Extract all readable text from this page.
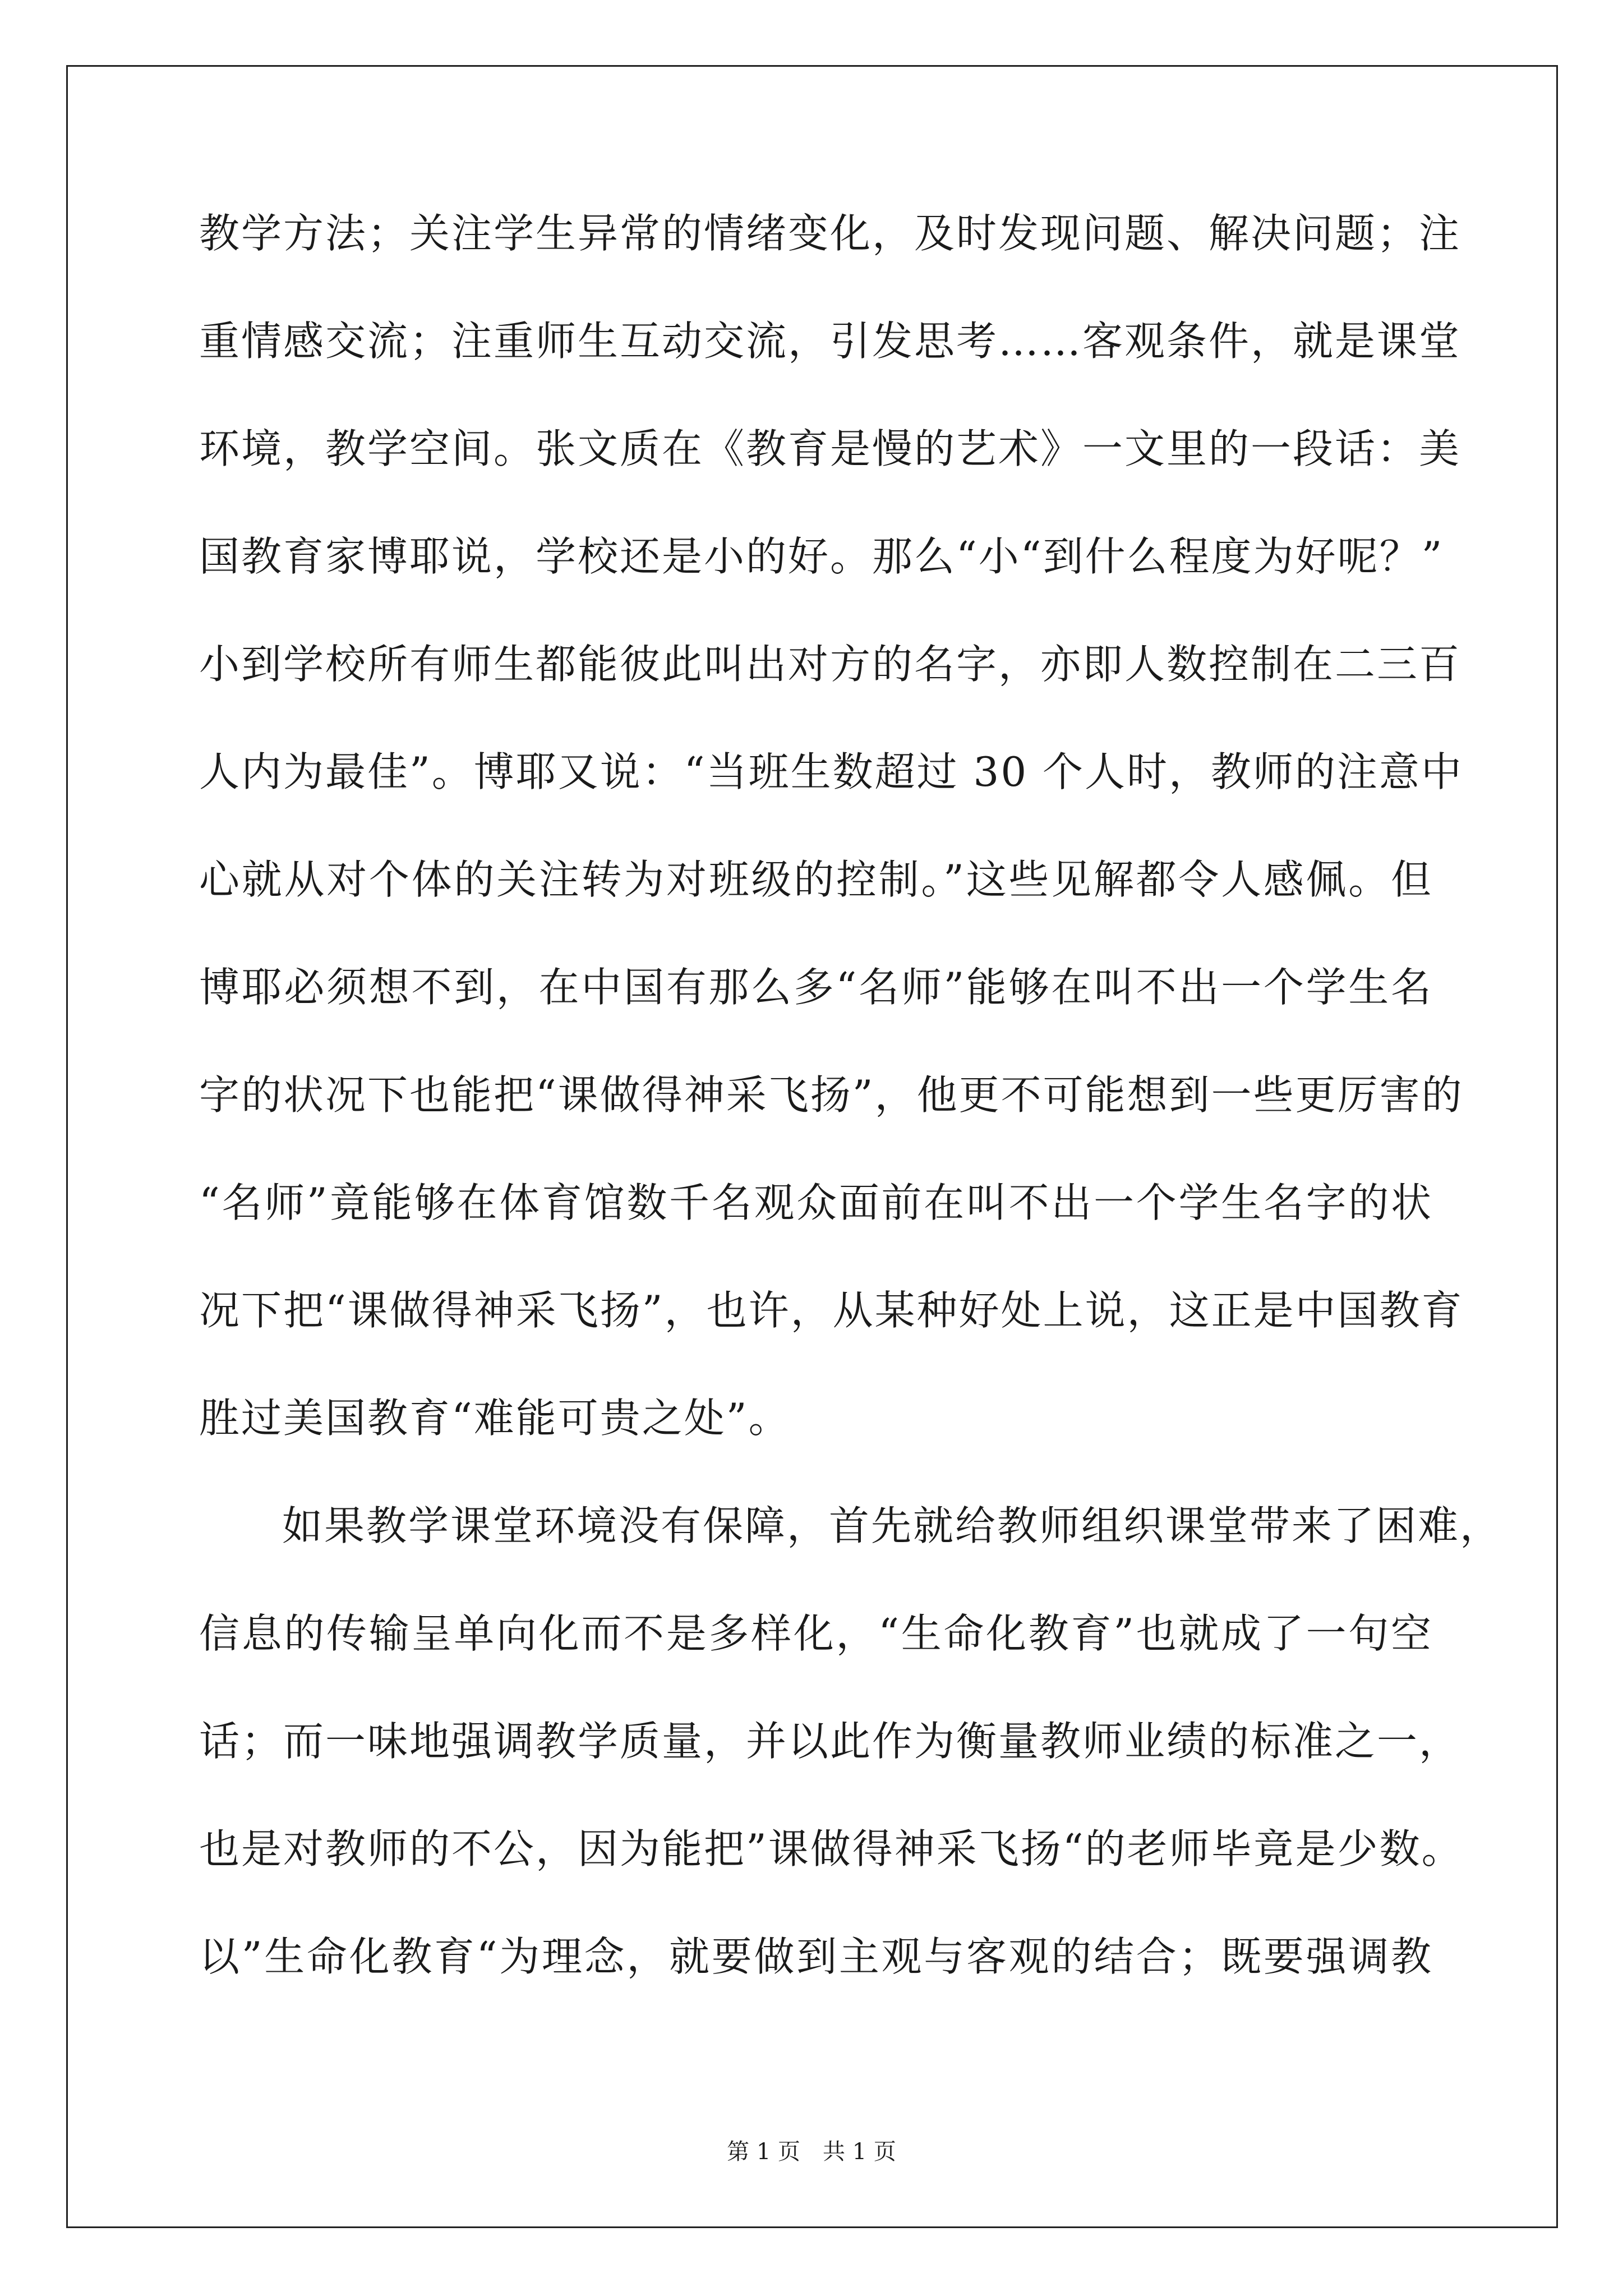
教学方法；关注学生异常的情绪变化，及时发现问题、解决问题；注
重情感交流；注重师生互动交流，引发思考……客观条件，就是课堂
环境，教学空间。张文质在《教育是慢的艺术》一文里的一段话：美
国教育家博耶说，学校还是小的好。那么“小“到什么程度为好呢？”
小到学校所有师生都能彼此叫出对方的名字，亦即人数控制在二三百
人内为最佳”。博耶又说：“当班生数超过 30 个人时，教师的注意中
心就从对个体的关注转为对班级的控制。”这些见解都令人感佩。但
博耶必须想不到，在中国有那么多“名师”能够在叫不出一个学生名
字的状况下也能把“课做得神采飞扬”，他更不可能想到一些更厉害的
“名师”竟能够在体育馆数千名观众面前在叫不出一个学生名字的状
况下把“课做得神采飞扬”，也许，从某种好处上说，这正是中国教育
胜过美国教育“难能可贵之处”。
如果教学课堂环境没有保障，首先就给教师组织课堂带来了困难，
信息的传输呈单向化而不是多样化，“生命化教育”也就成了一句空
话；而一味地强调教学质量，并以此作为衡量教师业绩的标准之一，
也是对教师的不公，因为能把”课做得神采飞扬“的老师毕竟是少数。
以”生命化教育“为理念，就要做到主观与客观的结合；既要强调教
第 1 页 共 1 页
